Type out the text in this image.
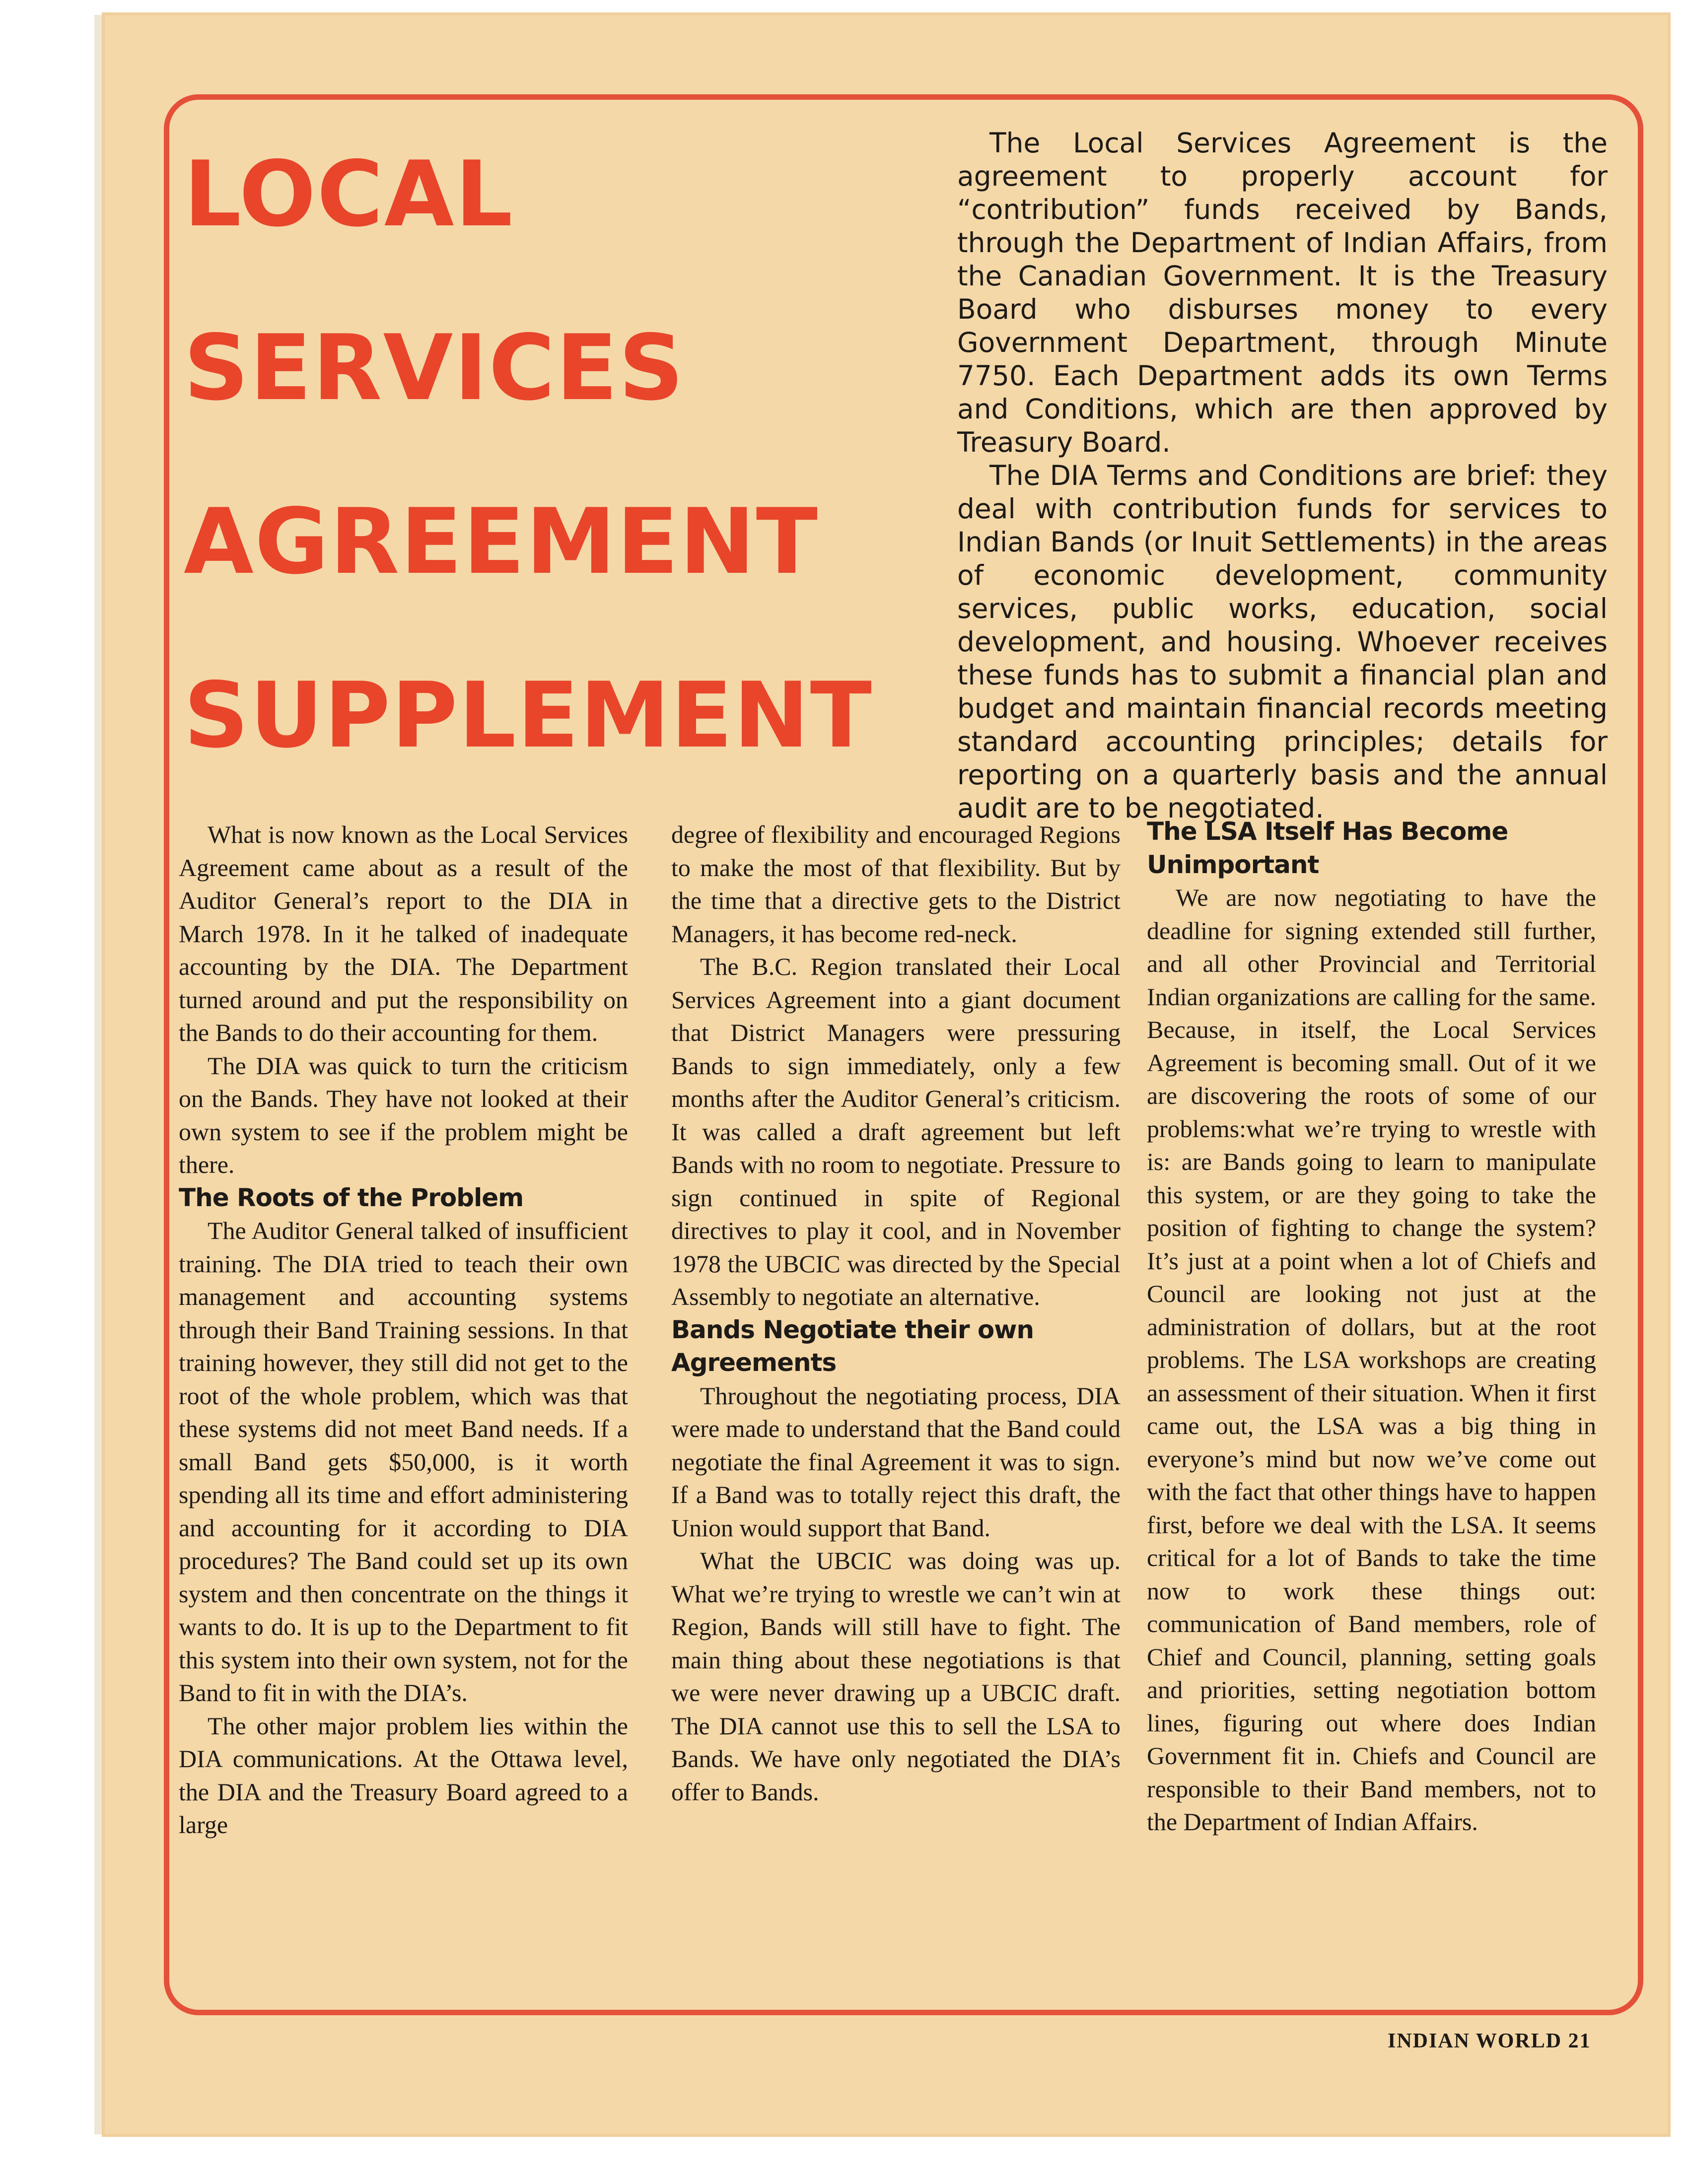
LOCAL
SERVICES
AGREEMENT
SUPPLEMENT

The Local Services Agreement is the agreement to properly account for “contribution” funds received by Bands, through the Department of Indian Affairs, from the Canadian Government. It is the Treasury Board who disburses money to every Government Department, through Minute 7750. Each Department adds its own Terms and Conditions, which are then approved by Treasury Board.

The DIA Terms and Conditions are brief: they deal with contribution funds for services to Indian Bands (or Inuit Settlements) in the areas of economic development, community services, public works, education, social development, and housing. Whoever receives these funds has to submit a financial plan and budget and maintain financial records meeting standard accounting principles; details for reporting on a quarterly basis and the annual audit are to be negotiated.

What is now known as the Local Services Agreement came about as a result of the Auditor General’s report to the DIA in March 1978. In it he talked of inadequate accounting by the DIA. The Department turned around and put the responsibility on the Bands to do their accounting for them.

The DIA was quick to turn the criticism on the Bands. They have not looked at their own system to see if the problem might be there.

The Roots of the Problem

The Auditor General talked of insufficient training. The DIA tried to teach their own management and accounting systems through their Band Training sessions. In that training however, they still did not get to the root of the whole problem, which was that these systems did not meet Band needs. If a small Band gets $50,000, is it worth spending all its time and effort administering and accounting for it according to DIA procedures? The Band could set up its own system and then concentrate on the things it wants to do. It is up to the Department to fit this system into their own system, not for the Band to fit in with the DIA’s.

The other major problem lies within the DIA communications. At the Ottawa level, the DIA and the Treasury Board agreed to a large

degree of flexibility and encouraged Regions to make the most of that flexibility. But by the time that a directive gets to the District Managers, it has become red-neck.

The B.C. Region translated their Local Services Agreement into a giant document that District Managers were pressuring Bands to sign immediately, only a few months after the Auditor General’s criticism. It was called a draft agreement but left Bands with no room to negotiate. Pressure to sign continued in spite of Regional directives to play it cool, and in November 1978 the UBCIC was directed by the Special Assembly to negotiate an alternative.

Bands Negotiate their own Agreements

Throughout the negotiating process, DIA were made to understand that the Band could negotiate the final Agreement it was to sign. If a Band was to totally reject this draft, the Union would support that Band.

What the UBCIC was doing was up. What we’re trying to wrestle we can’t win at Region, Bands will still have to fight. The main thing about these negotiations is that we were never drawing up a UBCIC draft. The DIA cannot use this to sell the LSA to Bands. We have only negotiated the DIA’s offer to Bands.

The LSA Itself Has Become Unimportant

We are now negotiating to have the deadline for signing extended still further, and all other Provincial and Territorial Indian organizations are calling for the same. Because, in itself, the Local Services Agreement is becoming small. Out of it we are discovering the roots of some of our problems:what we’re trying to wrestle with is: are Bands going to learn to manipulate this system, or are they going to take the position of fighting to change the system? It’s just at a point when a lot of Chiefs and Council are looking not just at the administration of dollars, but at the root problems. The LSA workshops are creating an assessment of their situation. When it first came out, the LSA was a big thing in everyone’s mind but now we’ve come out with the fact that other things have to happen first, before we deal with the LSA. It seems critical for a lot of Bands to take the time now to work these things out: communication of Band members, role of Chief and Council, planning, setting goals and priorities, setting negotiation bottom lines, figuring out where does Indian Government fit in. Chiefs and Council are responsible to their Band members, not to the Department of Indian Affairs.

INDIAN WORLD 21
